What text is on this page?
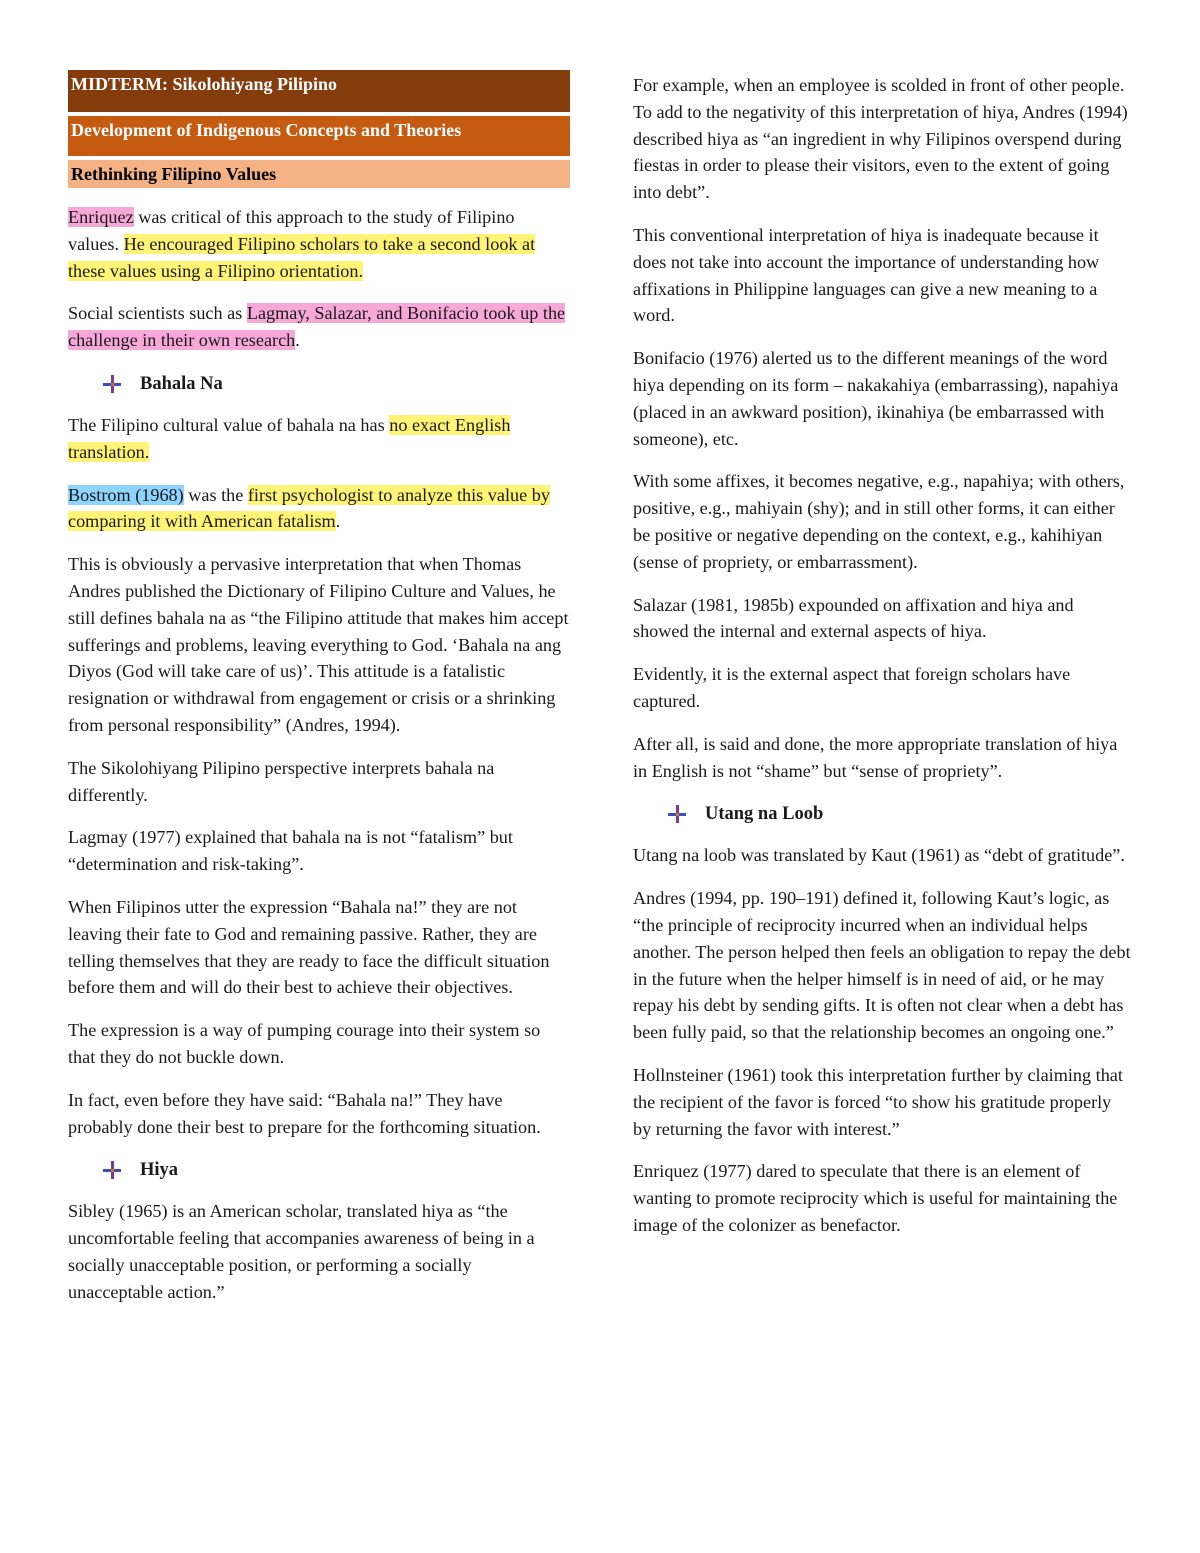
MIDTERM: Sikolohiyang Pilipino
Development of Indigenous Concepts and Theories
Rethinking Filipino Values

Enriquez was critical of this approach to the study of Filipino values. He encouraged Filipino scholars to take a second look at these values using a Filipino orientation.

Social scientists such as Lagmay, Salazar, and Bonifacio took up the challenge in their own research.

Bahala Na

The Filipino cultural value of bahala na has no exact English translation.

Bostrom (1968) was the first psychologist to analyze this value by comparing it with American fatalism.

This is obviously a pervasive interpretation that when Thomas Andres published the Dictionary of Filipino Culture and Values, he still defines bahala na as “the Filipino attitude that makes him accept sufferings and problems, leaving everything to God. ‘Bahala na ang Diyos (God will take care of us)’. This attitude is a fatalistic resignation or withdrawal from engagement or crisis or a shrinking from personal responsibility” (Andres, 1994).

The Sikolohiyang Pilipino perspective interprets bahala na differently.

Lagmay (1977) explained that bahala na is not “fatalism” but “determination and risk-taking”.

When Filipinos utter the expression “Bahala na!” they are not leaving their fate to God and remaining passive. Rather, they are telling themselves that they are ready to face the difficult situation before them and will do their best to achieve their objectives.

The expression is a way of pumping courage into their system so that they do not buckle down.

In fact, even before they have said: “Bahala na!” They have probably done their best to prepare for the forthcoming situation.

Hiya

Sibley (1965) is an American scholar, translated hiya as “the uncomfortable feeling that accompanies awareness of being in a socially unacceptable position, or performing a socially unacceptable action.”

For example, when an employee is scolded in front of other people. To add to the negativity of this interpretation of hiya, Andres (1994) described hiya as “an ingredient in why Filipinos overspend during fiestas in order to please their visitors, even to the extent of going into debt”.

This conventional interpretation of hiya is inadequate because it does not take into account the importance of understanding how affixations in Philippine languages can give a new meaning to a word.

Bonifacio (1976) alerted us to the different meanings of the word hiya depending on its form – nakakahiya (embarrassing), napahiya (placed in an awkward position), ikinahiya (be embarrassed with someone), etc.

With some affixes, it becomes negative, e.g., napahiya; with others, positive, e.g., mahiyain (shy); and in still other forms, it can either be positive or negative depending on the context, e.g., kahihiyan (sense of propriety, or embarrassment).

Salazar (1981, 1985b) expounded on affixation and hiya and showed the internal and external aspects of hiya.

Evidently, it is the external aspect that foreign scholars have captured.

After all, is said and done, the more appropriate translation of hiya in English is not “shame” but “sense of propriety”.

Utang na Loob

Utang na loob was translated by Kaut (1961) as “debt of gratitude”.

Andres (1994, pp. 190–191) defined it, following Kaut’s logic, as “the principle of reciprocity incurred when an individual helps another. The person helped then feels an obligation to repay the debt in the future when the helper himself is in need of aid, or he may repay his debt by sending gifts. It is often not clear when a debt has been fully paid, so that the relationship becomes an ongoing one.”

Hollnsteiner (1961) took this interpretation further by claiming that the recipient of the favor is forced “to show his gratitude properly by returning the favor with interest.”

Enriquez (1977) dared to speculate that there is an element of wanting to promote reciprocity which is useful for maintaining the image of the colonizer as benefactor.
